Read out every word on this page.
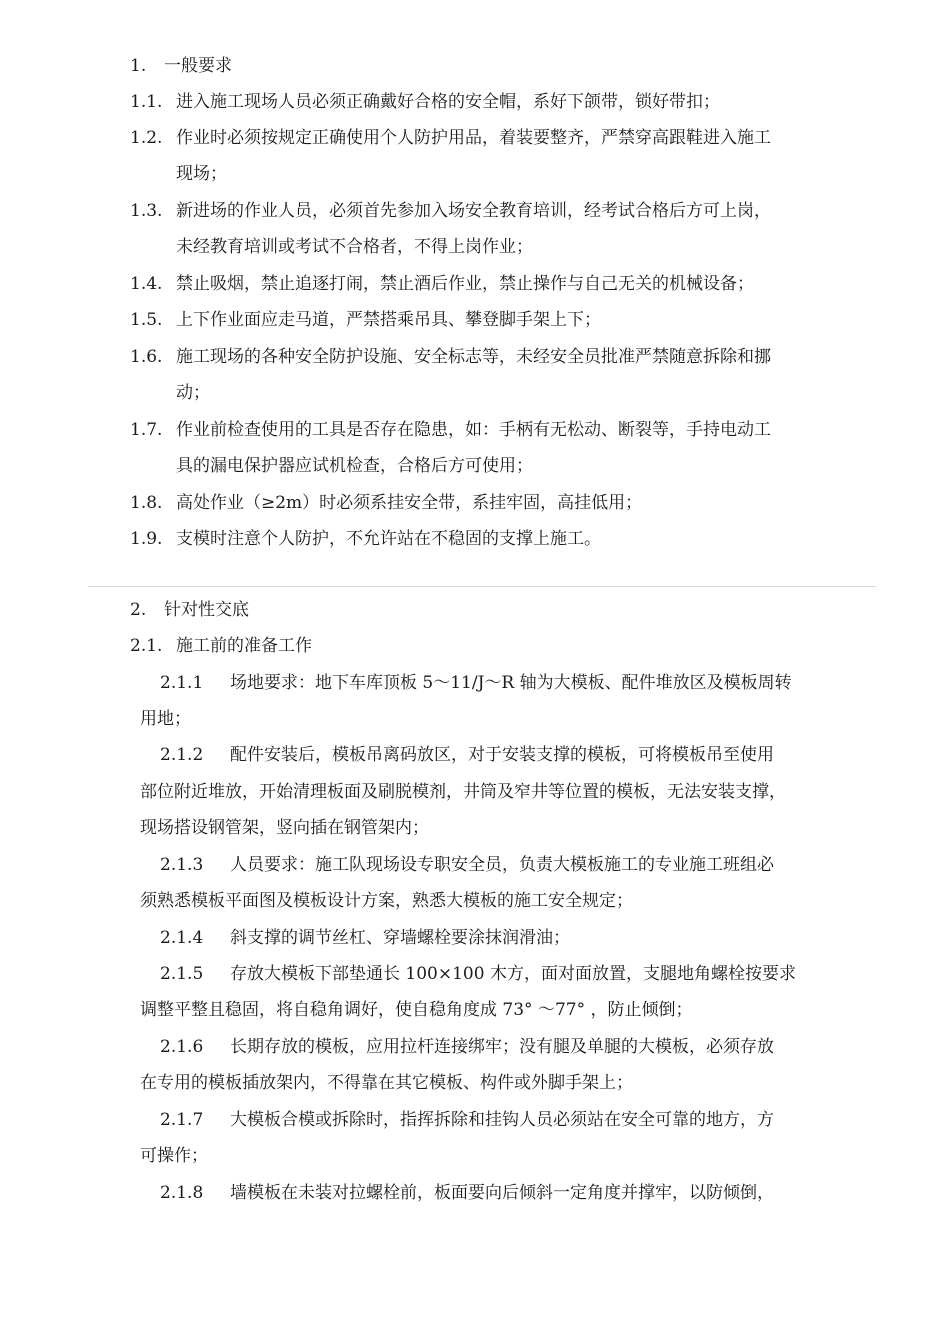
1. 一般要求
1.1. 进入施工现场人员必须正确戴好合格的安全帽，系好下颌带，锁好带扣；
1.2. 作业时必须按规定正确使用个人防护用品，着装要整齐，严禁穿高跟鞋进入施工
现场；
1.3. 新进场的作业人员，必须首先参加入场安全教育培训，经考试合格后方可上岗，
未经教育培训或考试不合格者，不得上岗作业；
1.4. 禁止吸烟，禁止追逐打闹，禁止酒后作业，禁止操作与自己无关的机械设备；
1.5. 上下作业面应走马道，严禁搭乘吊具、攀登脚手架上下；
1.6. 施工现场的各种安全防护设施、安全标志等，未经安全员批准严禁随意拆除和挪
动；
1.7. 作业前检查使用的工具是否存在隐患，如：手柄有无松动、断裂等，手持电动工
具的漏电保护器应试机检查，合格后方可使用；
1.8. 高处作业（≥2m）时必须系挂安全带，系挂牢固，高挂低用；
1.9. 支模时注意个人防护，不允许站在不稳固的支撑上施工。
2. 针对性交底
2.1. 施工前的准备工作
2.1.1 场地要求：地下车库顶板 5～11/J～R 轴为大模板、配件堆放区及模板周转
用地；
2.1.2 配件安装后，模板吊离码放区，对于安装支撑的模板，可将模板吊至使用
部位附近堆放，开始清理板面及刷脱模剂，井筒及窄井等位置的模板，无法安装支撑，
现场搭设钢管架，竖向插在钢管架内；
2.1.3 人员要求：施工队现场设专职安全员，负责大模板施工的专业施工班组必
须熟悉模板平面图及模板设计方案，熟悉大模板的施工安全规定；
2.1.4 斜支撑的调节丝杠、穿墙螺栓要涂抹润滑油；
2.1.5 存放大模板下部垫通长 100×100 木方，面对面放置，支腿地角螺栓按要求
调整平整且稳固，将自稳角调好，使自稳角度成 73° ～77° ，防止倾倒；
2.1.6 长期存放的模板，应用拉杆连接绑牢；没有腿及单腿的大模板，必须存放
在专用的模板插放架内，不得靠在其它模板、构件或外脚手架上；
2.1.7 大模板合模或拆除时，指挥拆除和挂钩人员必须站在安全可靠的地方，方
可操作；
2.1.8 墙模板在未装对拉螺栓前，板面要向后倾斜一定角度并撑牢，以防倾倒，
